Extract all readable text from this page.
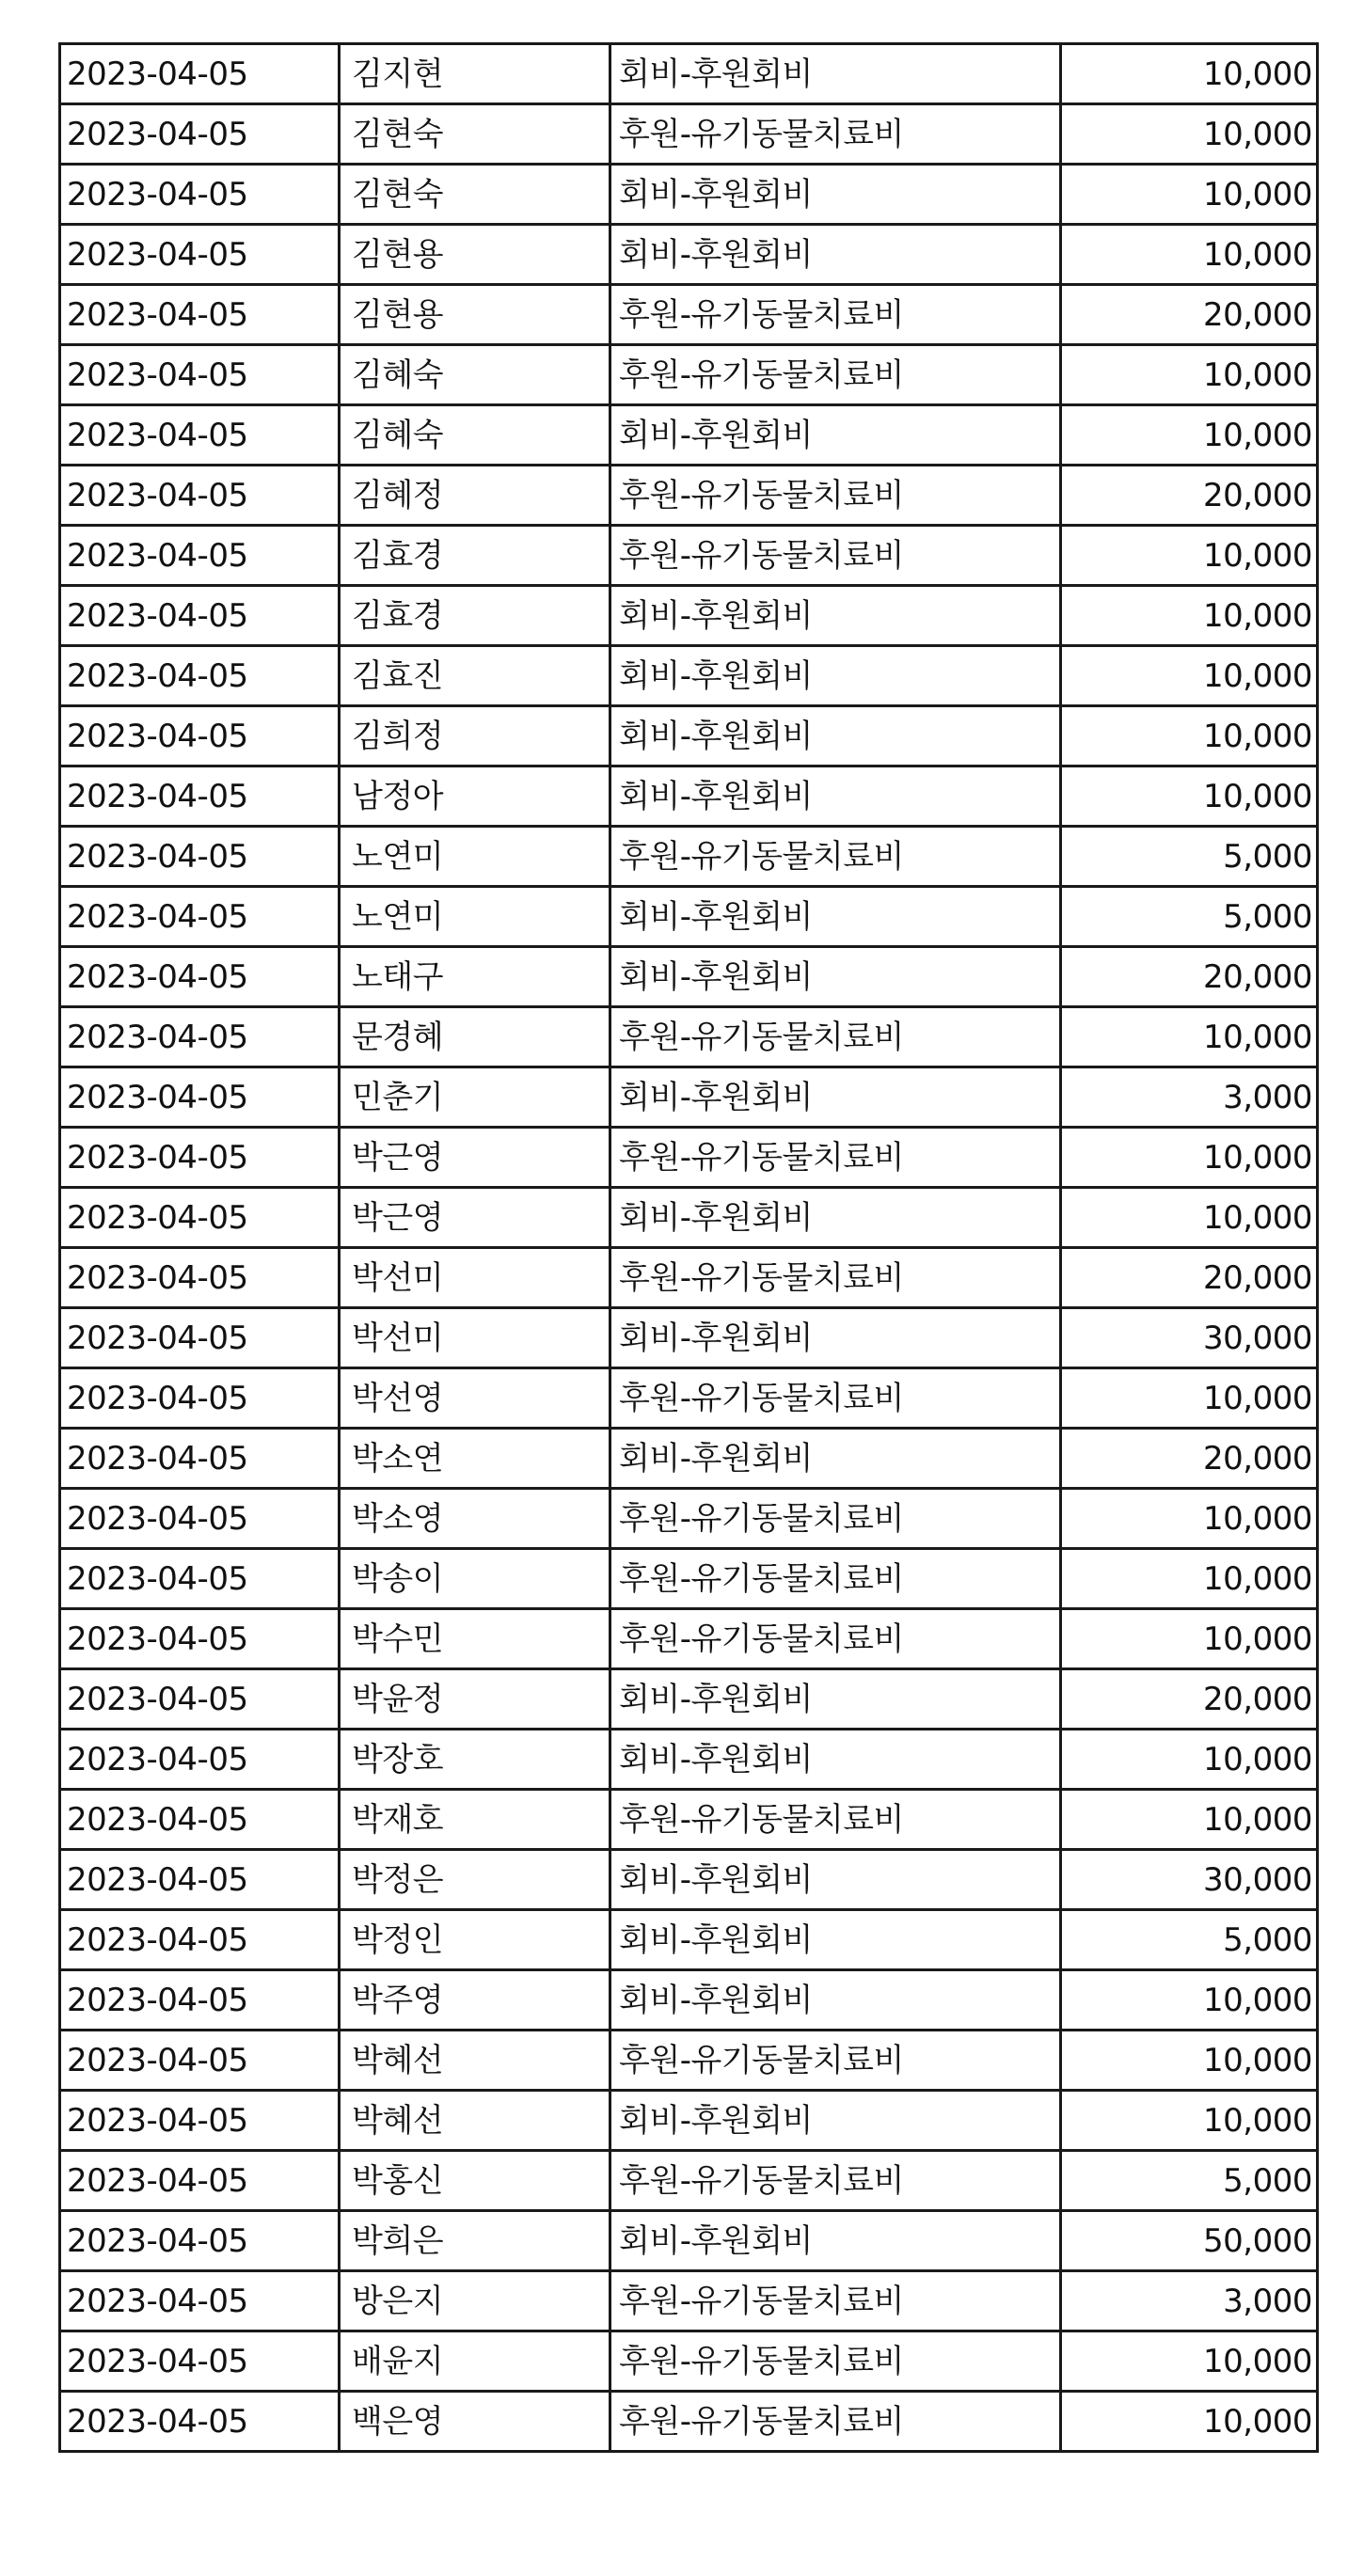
2023-04-05	김지현	회비-후원회비	10,000
2023-04-05	김현숙	후원-유기동물치료비	10,000
2023-04-05	김현숙	회비-후원회비	10,000
2023-04-05	김현용	회비-후원회비	10,000
2023-04-05	김현용	후원-유기동물치료비	20,000
2023-04-05	김혜숙	후원-유기동물치료비	10,000
2023-04-05	김혜숙	회비-후원회비	10,000
2023-04-05	김혜정	후원-유기동물치료비	20,000
2023-04-05	김효경	후원-유기동물치료비	10,000
2023-04-05	김효경	회비-후원회비	10,000
2023-04-05	김효진	회비-후원회비	10,000
2023-04-05	김희정	회비-후원회비	10,000
2023-04-05	남정아	회비-후원회비	10,000
2023-04-05	노연미	후원-유기동물치료비	5,000
2023-04-05	노연미	회비-후원회비	5,000
2023-04-05	노태구	회비-후원회비	20,000
2023-04-05	문경혜	후원-유기동물치료비	10,000
2023-04-05	민춘기	회비-후원회비	3,000
2023-04-05	박근영	후원-유기동물치료비	10,000
2023-04-05	박근영	회비-후원회비	10,000
2023-04-05	박선미	후원-유기동물치료비	20,000
2023-04-05	박선미	회비-후원회비	30,000
2023-04-05	박선영	후원-유기동물치료비	10,000
2023-04-05	박소연	회비-후원회비	20,000
2023-04-05	박소영	후원-유기동물치료비	10,000
2023-04-05	박송이	후원-유기동물치료비	10,000
2023-04-05	박수민	후원-유기동물치료비	10,000
2023-04-05	박윤정	회비-후원회비	20,000
2023-04-05	박장호	회비-후원회비	10,000
2023-04-05	박재호	후원-유기동물치료비	10,000
2023-04-05	박정은	회비-후원회비	30,000
2023-04-05	박정인	회비-후원회비	5,000
2023-04-05	박주영	회비-후원회비	10,000
2023-04-05	박혜선	후원-유기동물치료비	10,000
2023-04-05	박혜선	회비-후원회비	10,000
2023-04-05	박홍신	후원-유기동물치료비	5,000
2023-04-05	박희은	회비-후원회비	50,000
2023-04-05	방은지	후원-유기동물치료비	3,000
2023-04-05	배윤지	후원-유기동물치료비	10,000
2023-04-05	백은영	후원-유기동물치료비	10,000
